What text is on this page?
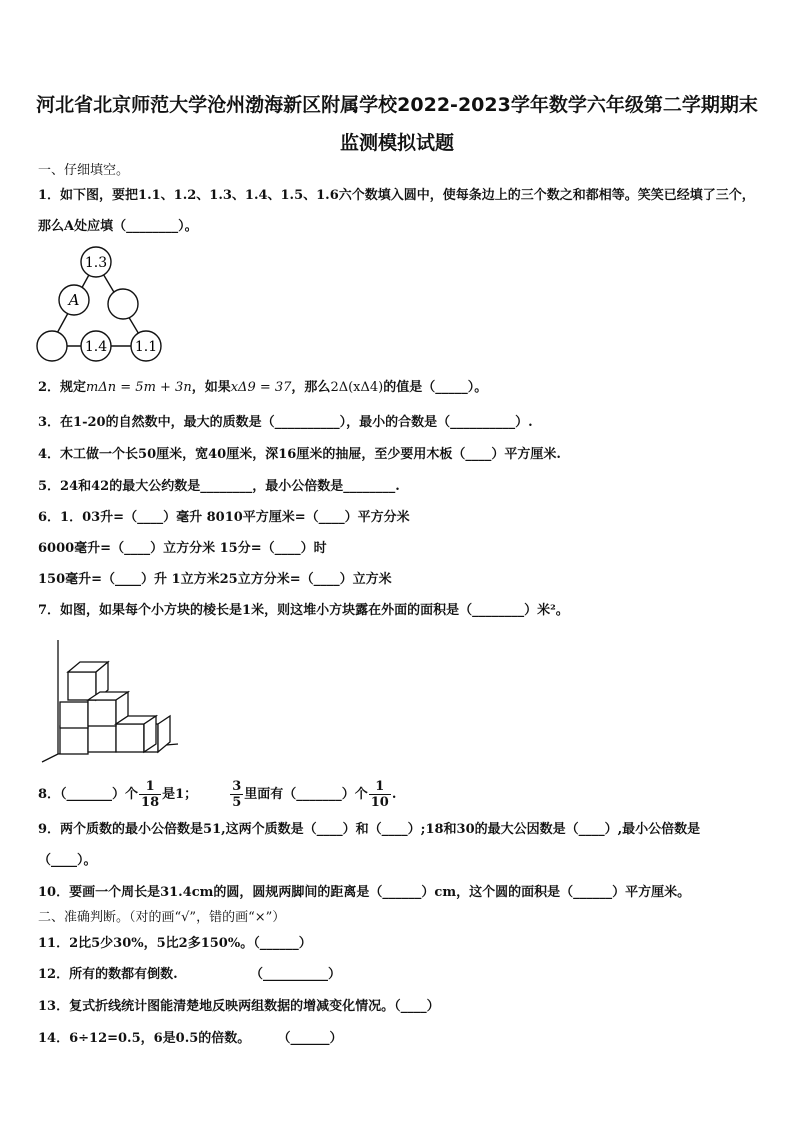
河北省北京师范大学沧州渤海新区附属学校2022-2023学年数学六年级第二学期期末
监测模拟试题
一、仔细填空。
1．如下图，要把1.1、1.2、1.3、1.4、1.5、1.6六个数填入圆中，使每条边上的三个数之和都相等。笑笑已经填了三个，
那么A处应填（________）。
1.3
A
1.4 1.1
2．规定mΔn = 5m + 3n，如果xΔ9 = 37，那么2Δ(xΔ4)的值是（_____）。
3．在1-20的自然数中，最大的质数是（__________），最小的合数是（__________）.
4．木工做一个长50厘米，宽40厘米，深16厘米的抽屉，至少要用木板（____）平方厘米.
5．24和42的最大公约数是________，最小公倍数是________.
6．1．03升=（____）毫升 8010平方厘米=（____）平方分米
6000毫升=（____）立方分米 15分=（____）时
150毫升=（____）升 1立方米25立方分米=（____）立方米
7．如图，如果每个小方块的棱长是1米，则这堆小方块露在外面的面积是（________）米²。
8．（_______）个 $\frac{1}{18}$ 是1；	$\frac{3}{5}$ 里面有（_______）个 $\frac{1}{10}$ .
9．两个质数的最小公倍数是51,这两个质数是（____）和（____）;18和30的最大公因数是（____）,最小公倍数是
（____）。
10．要画一个周长是31.4cm的圆，圆规两脚间的距离是（______）cm，这个圆的面积是（______）平方厘米。
二、准确判断。（对的画“√”，错的画“×”）
11．2比5少30%，5比2多150%。（______）
12．所有的数都有倒数.                （__________）
13．复式折线统计图能清楚地反映两组数据的增减变化情况。（____）
14．6÷12=0.5，6是0.5的倍数。      （______）
